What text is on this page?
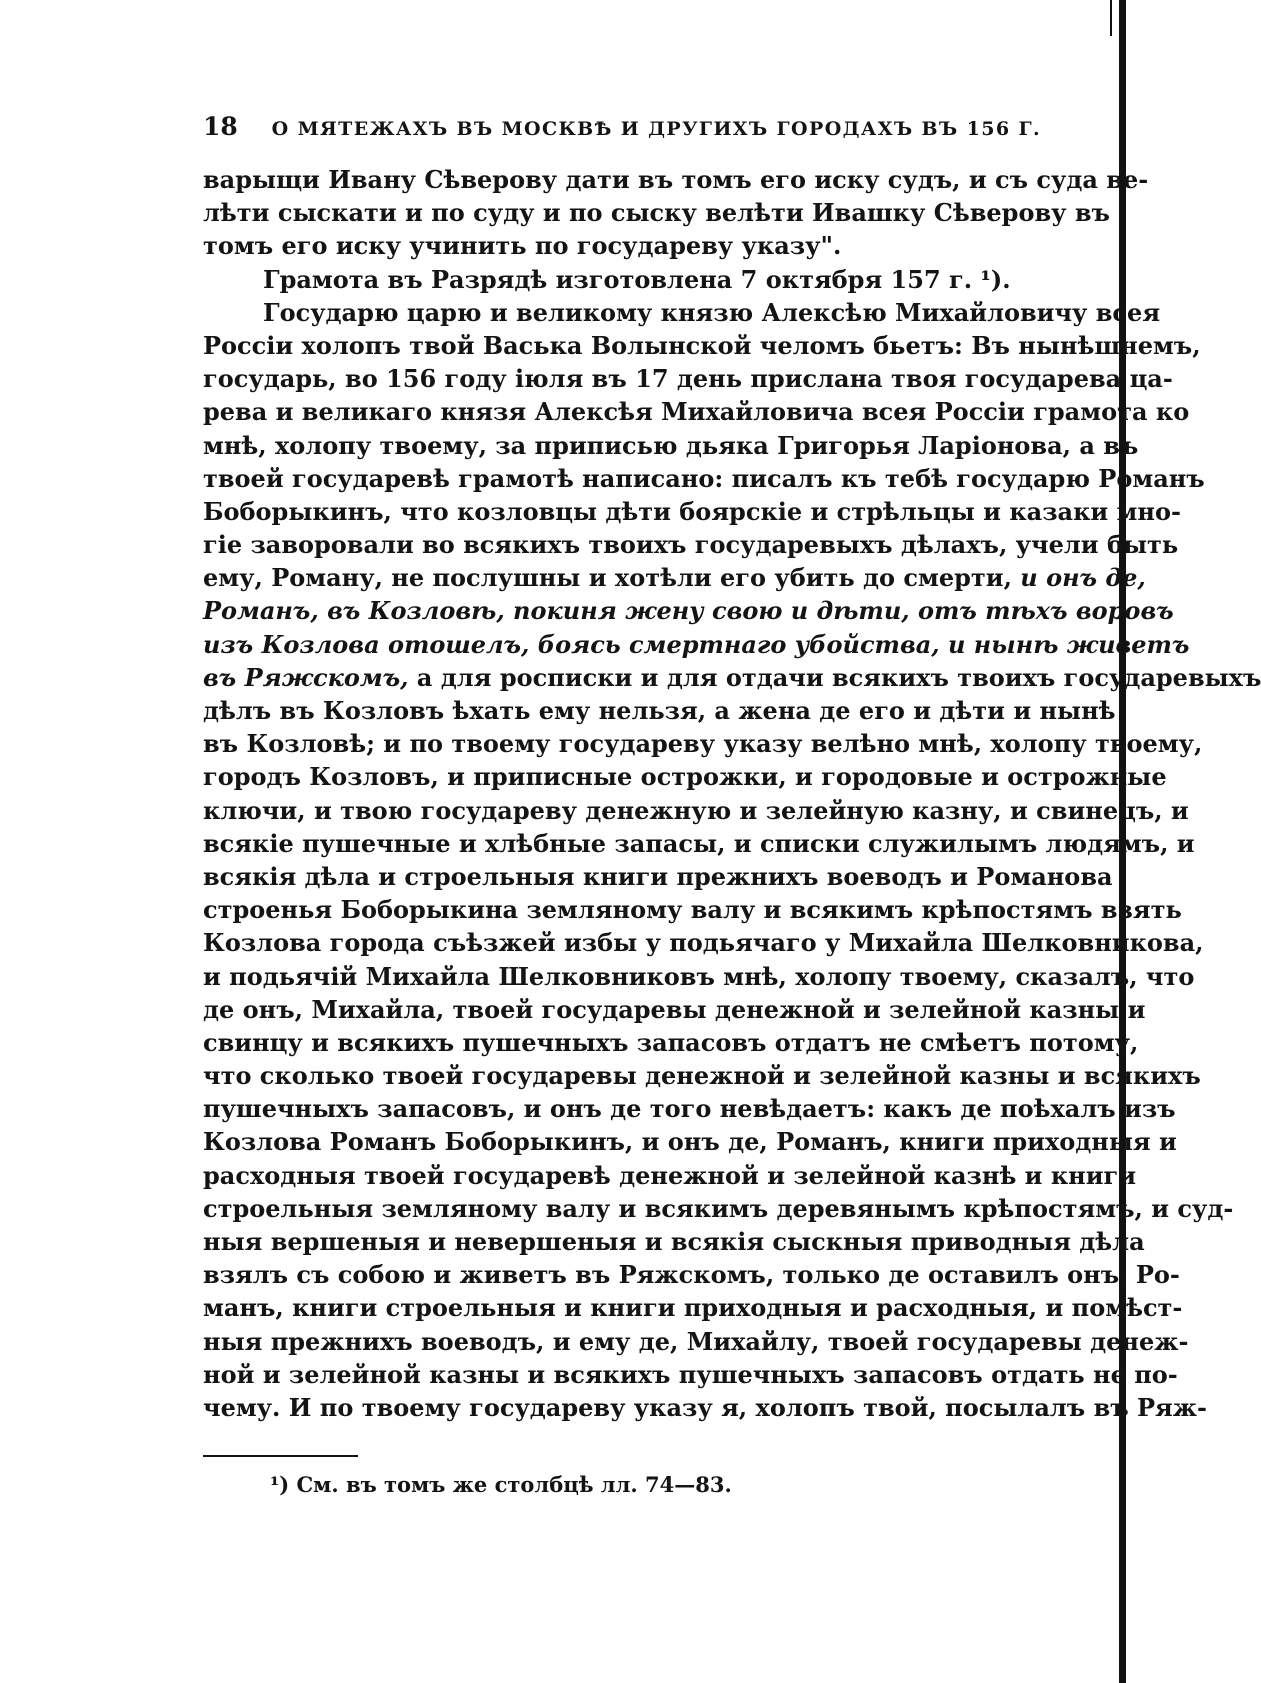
18	О МЯТЕЖАХЪ ВЪ МОСКВѢ И ДРУГИХЪ ГОРОДАХЪ ВЪ 156 Г.
варыщи Ивану Сѣверову дати въ томъ его иску судъ, и съ суда ве-
лѣти сыскати и по суду и по сыску велѣти Ивашку Сѣверову въ
томъ его иску учинить по государеву указу".
Грамота въ Разрядѣ изготовлена 7 октября 157 г. ¹).
Государю царю и великому князю Алексѣю Михайловичу всея
Россіи холопъ твой Васька Волынской челомъ бьетъ: Въ нынѣшнемъ,
государь, во 156 году іюля въ 17 день прислана твоя государева ца-
рева и великаго князя Алексѣя Михайловича всея Россіи грамота ко
мнѣ, холопу твоему, за приписью дьяка Григорья Ларіонова, а въ
твоей государевѣ грамотѣ написано: писалъ къ тебѣ государю Романъ
Боборыкинъ, что козловцы дѣти боярскіе и стрѣльцы и казаки мно-
гіе заворовали во всякихъ твоихъ государевыхъ дѣлахъ, учели быть
ему, Роману, не послушны и хотѣли его убить до смерти, и онъ де,
Романъ, въ Козловѣ, покиня жену свою и дѣти, отъ тѣхъ воровъ
изъ Козлова отошелъ, боясь смертнаго убойства, и нынѣ живетъ
въ Ряжскомъ, а для росписки и для отдачи всякихъ твоихъ государевыхъ
дѣлъ въ Козловъ ѣхать ему нельзя, а жена де его и дѣти и нынѣ
въ Козловѣ; и по твоему государеву указу велѣно мнѣ, холопу твоему,
городъ Козловъ, и приписные острожки, и городовые и острожные
ключи, и твою государеву денежную и зелейную казну, и свинецъ, и
всякіе пушечные и хлѣбные запасы, и списки служилымъ людямъ, и
всякія дѣла и строельныя книги прежнихъ воеводъ и Романова
строенья Боборыкина земляному валу и всякимъ крѣпостямъ взять
Козлова города съѣзжей избы у подьячаго у Михайла Шелковникова,
и подьячій Михайла Шелковниковъ мнѣ, холопу твоему, сказалъ, что
де онъ, Михайла, твоей государевы денежной и зелейной казны и
свинцу и всякихъ пушечныхъ запасовъ отдатъ не смѣетъ потому,
что сколько твоей государевы денежной и зелейной казны и всякихъ
пушечныхъ запасовъ, и онъ де того невѣдаетъ: какъ де поѣхалъ изъ
Козлова Романъ Боборыкинъ, и онъ де, Романъ, книги приходныя и
расходныя твоей государевѣ денежной и зелейной казнѣ и книги
строельныя земляному валу и всякимъ деревянымъ крѣпостямъ, и суд-
ныя вершеныя и невершеныя и всякія сыскныя приводныя дѣла
взялъ съ собою и живетъ въ Ряжскомъ, только де оставилъ онъ, Ро-
манъ, книги строельныя и книги приходныя и расходныя, и помѣст-
ныя прежнихъ воеводъ, и ему де, Михайлу, твоей государевы денеж-
ной и зелейной казны и всякихъ пушечныхъ запасовъ отдать не по-
чему. И по твоему государеву указу я, холопъ твой, посылалъ въ Ряж-
¹) См. въ томъ же столбцѣ лл. 74—83.
